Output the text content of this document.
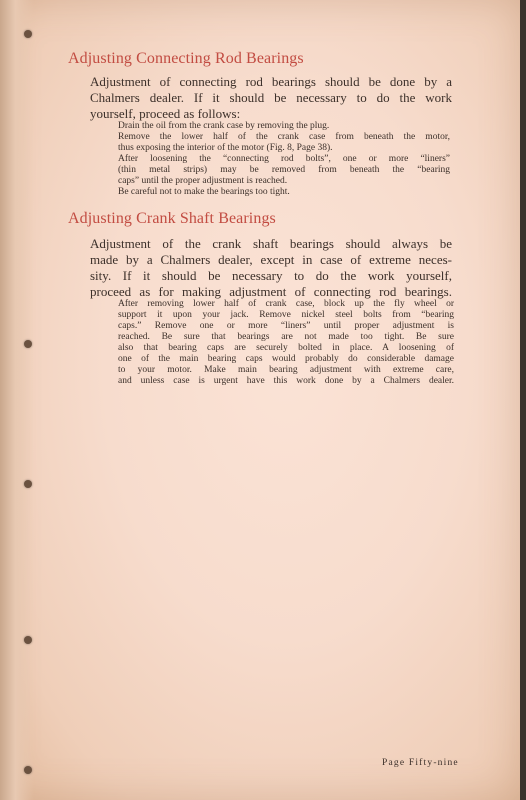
Adjusting Connecting Rod Bearings
Adjustment of connecting rod bearings should be done by a
Chalmers dealer. If it should be necessary to do the work
yourself, proceed as follows:
Drain the oil from the crank case by removing the plug.
Remove the lower half of the crank case from beneath the motor,
thus exposing the interior of the motor (Fig. 8, Page 38).
After loosening the “connecting rod bolts”, one or more “liners”
(thin metal strips) may be removed from beneath the “bearing
caps” until the proper adjustment is reached.
Be careful not to make the bearings too tight.
Adjusting Crank Shaft Bearings
Adjustment of the crank shaft bearings should always be
made by a Chalmers dealer, except in case of extreme neces-
sity. If it should be necessary to do the work yourself,
proceed as for making adjustment of connecting rod bearings.
After removing lower half of crank case, block up the fly wheel or
support it upon your jack. Remove nickel steel bolts from “bearing
caps.” Remove one or more “liners” until proper adjustment is
reached. Be sure that bearings are not made too tight. Be sure
also that bearing caps are securely bolted in place. A loosening of
one of the main bearing caps would probably do considerable damage
to your motor. Make main bearing adjustment with extreme care,
and unless case is urgent have this work done by a Chalmers dealer.
Page Fifty-nine
